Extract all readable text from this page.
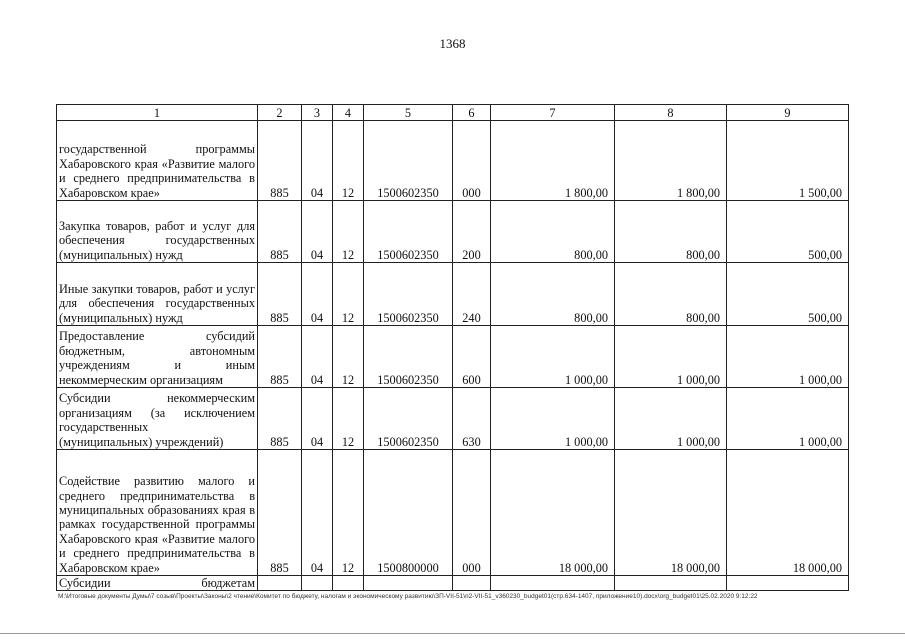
1368
1	2	3	4	5	6	7	8	9
государственной программы Хабаровского края «Развитие малого и среднего предпринимательства в
Хабаровском крае»	885	04	12	1500602350	000	1 800,00	1 800,00	1 500,00
Закупка товаров, работ и услуг для обеспечения государственных
(муниципальных) нужд	885	04	12	1500602350	200	800,00	800,00	500,00
Иные закупки товаров, работ и услуг для обеспечения государственных
(муниципальных) нужд	885	04	12	1500602350	240	800,00	800,00	500,00
Предоставление субсидий бюджетным, автономным учреждениям и иным
некоммерческим организациям	885	04	12	1500602350	600	1 000,00	1 000,00	1 000,00
Субсидии некоммерческим организациям (за исключением государственных
(муниципальных) учреждений)	885	04	12	1500602350	630	1 000,00	1 000,00	1 000,00
Содействие развитию малого и среднего предпринимательства в муниципальных образованиях края в рамках государственной программы Хабаровского края «Развитие малого и среднего предпринимательства в
Хабаровском крае»	885	04	12	1500800000	000	18 000,00	18 000,00	18 000,00
Субсидии бюджетам								
M:\Итоговые документы Думы\7 созыв\Проекты\Законы\2 чтение\Комитет по бюджету, налогам и экономическому развитию\ЗП-VII-51\п2-VII-51_v360230_budget01(стр.634-1407, приложение10).docx\org_budget01\25.02.2020 9:12:22
